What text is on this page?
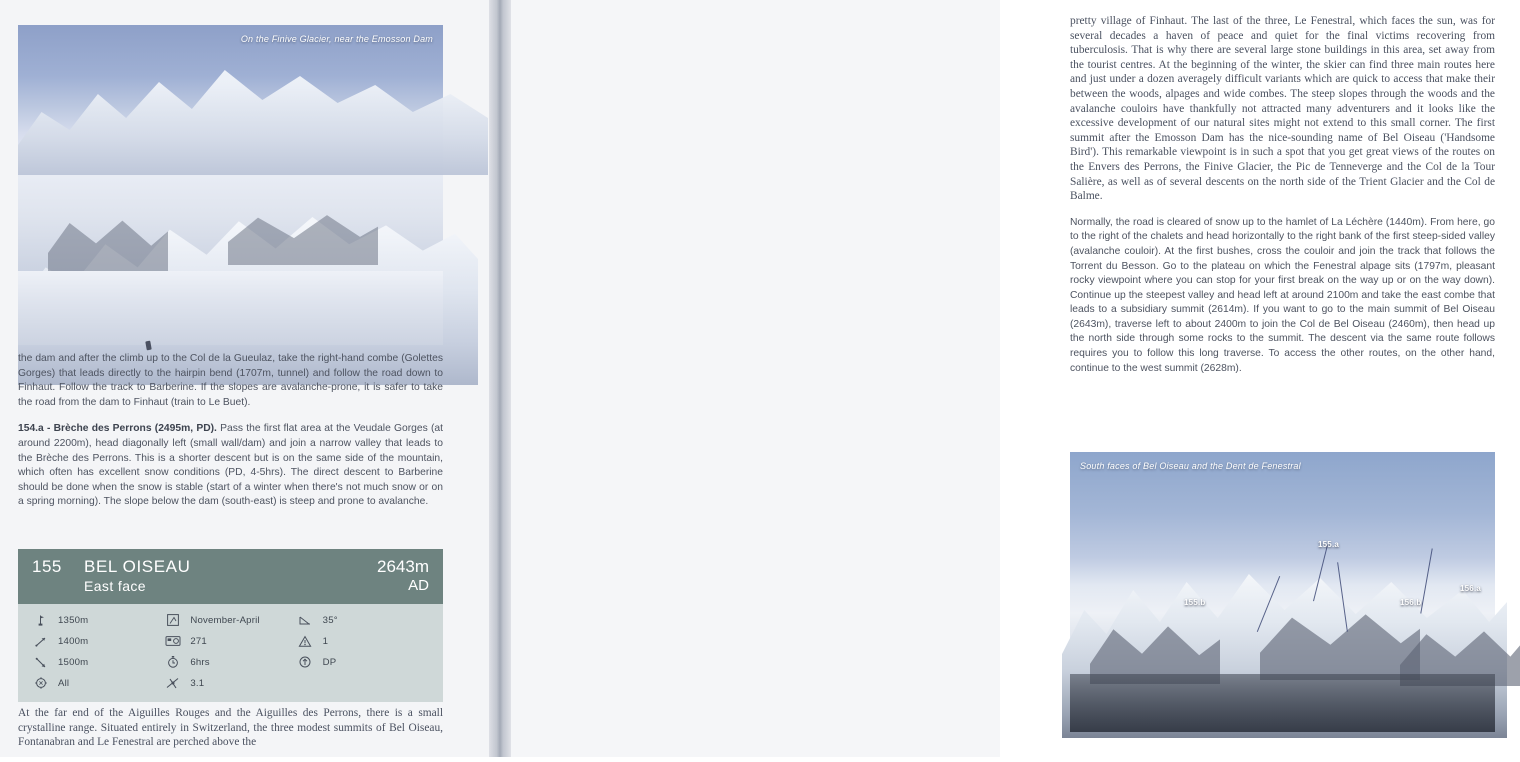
On the Finive Glacier, near the Emosson Dam

the dam and after the climb up to the Col de la Gueulaz, take the right-hand combe (Golettes Gorges) that leads directly to the hairpin bend (1707m, tunnel) and follow the road down to Finhaut. Follow the track to Barberine. If the slopes are avalanche-prone, it is safer to take the road from the dam to Finhaut (train to Le Buet).

154.a - Brèche des Perrons (2495m, PD). Pass the first flat area at the Veudale Gorges (at around 2200m), head diagonally left (small wall/dam) and join a narrow valley that leads to the Brèche des Perrons. This is a shorter descent but is on the same side of the mountain, which often has excellent snow conditions (PD, 4-5hrs). The direct descent to Barberine should be done when the snow is stable (start of a winter when there's not much snow or on a spring morning). The slope below the dam (south-east) is steep and prone to avalanche.

155	BEL OISEAU
East face
2643m
AD
1350m
1400m
1500m
All
November-April
271
6hrs
3.1
35°
1
DP

At the far end of the Aiguilles Rouges and the Aiguilles des Perrons, there is a small crystalline range. Situated entirely in Switzerland, the three modest summits of Bel Oiseau, Fontanabran and Le Fenestral are perched above the

pretty village of Finhaut. The last of the three, Le Fenestral, which faces the sun, was for several decades a haven of peace and quiet for the final victims recovering from tuberculosis. That is why there are several large stone buildings in this area, set away from the tourist centres. At the beginning of the winter, the skier can find three main routes here and just under a dozen averagely difficult variants which are quick to access that make their between the woods, alpages and wide combes. The steep slopes through the woods and the avalanche couloirs have thankfully not attracted many adventurers and it looks like the excessive development of our natural sites might not extend to this small corner. The first summit after the Emosson Dam has the nice-sounding name of Bel Oiseau ('Handsome Bird'). This remarkable viewpoint is in such a spot that you get great views of the routes on the Envers des Perrons, the Finive Glacier, the Pic de Tenneverge and the Col de la Tour Salière, as well as of several descents on the north side of the Trient Glacier and the Col de Balme.

Normally, the road is cleared of snow up to the hamlet of La Léchère (1440m). From here, go to the right of the chalets and head horizontally to the right bank of the first steep-sided valley (avalanche couloir). At the first bushes, cross the couloir and join the track that follows the Torrent du Besson. Go to the plateau on which the Fenestral alpage sits (1797m, pleasant rocky viewpoint where you can stop for your first break on the way up or on the way down). Continue up the steepest valley and head left at around 2100m and take the east combe that leads to a subsidiary summit (2614m). If you want to go to the main summit of Bel Oiseau (2643m), traverse left to about 2400m to join the Col de Bel Oiseau (2460m), then head up the north side through some rocks to the summit. The descent via the same route follows requires you to follow this long traverse. To access the other routes, on the other hand, continue to the west summit (2628m).

155.a
155.b
156.a
156.b
South faces of Bel Oiseau and the Dent de Fenestral
